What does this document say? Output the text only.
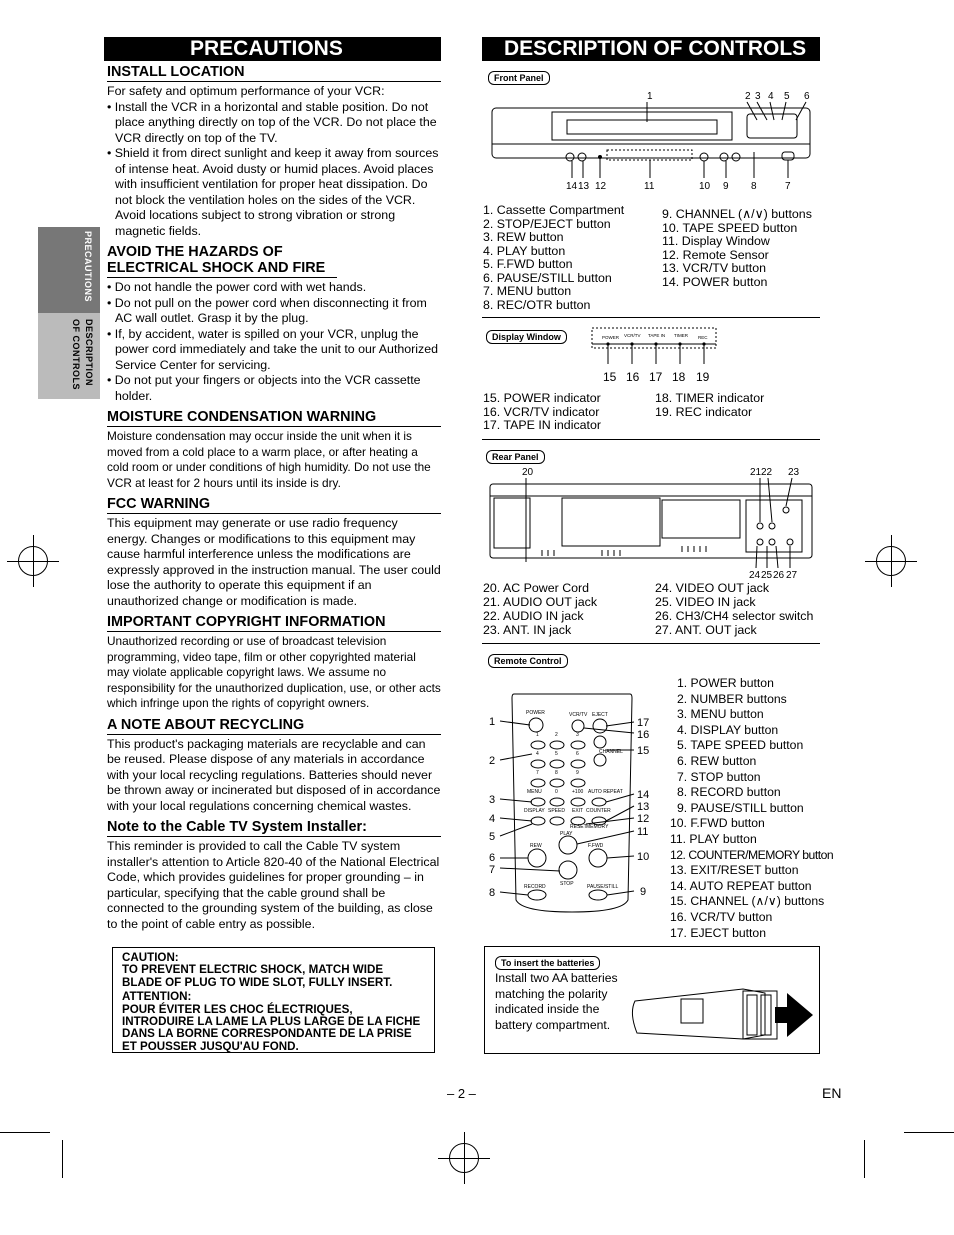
PRECAUTIONS
DESCRIPTION
OF CONTROLS
PRECAUTIONS	DESCRIPTION OF CONTROLS
INSTALL LOCATION
For safety and optimum performance of your VCR:
• Install the VCR in a horizontal and stable position. Do not place anything directly on top of the VCR. Do not place the VCR directly on top of the TV.
• Shield it from direct sunlight and keep it away from sources of intense heat. Avoid dusty or humid places. Avoid places with insufficient ventilation for proper heat dissipation. Do not block the ventilation holes on the sides of the VCR. Avoid locations subject to strong vibration or strong magnetic fields.
AVOID THE HAZARDS OF ELECTRICAL SHOCK AND FIRE
• Do not handle the power cord with wet hands.
• Do not pull on the power cord when disconnecting it from AC wall outlet. Grasp it by the plug.
• If, by accident, water is spilled on your VCR, unplug the power cord immediately and take the unit to our Authorized Service Center for servicing.
• Do not put your fingers or objects into the VCR cassette holder.
MOISTURE CONDENSATION WARNING
Moisture condensation may occur inside the unit when it is moved from a cold place to a warm place, or after heating a cold room or under conditions of high humidity. Do not use the VCR at least for 2 hours until its inside is dry.
FCC WARNING
This equipment may generate or use radio frequency energy. Changes or modifications to this equipment may cause harmful interference unless the modifications are expressly approved in the instruction manual. The user could lose the authority to operate this equipment if an unauthorized change or modification is made.
IMPORTANT COPYRIGHT INFORMATION
Unauthorized recording or use of broadcast television programming, video tape, film or other copyrighted material may violate applicable copyright laws. We assume no responsibility for the unauthorized duplication, use, or other acts which infringe upon the rights of copyright owners.
A NOTE ABOUT RECYCLING
This product's packaging materials are recyclable and can be reused. Please dispose of any materials in accordance with your local recycling regulations. Batteries should never be thrown away or incinerated but disposed of in accordance with your local regulations concerning chemical wastes.
Note to the Cable TV System Installer:
This reminder is provided to call the Cable TV system installer's attention to Article 820-40 of the National Electrical Code, which provides guidelines for proper grounding – in particular, specifying that the cable ground shall be connected to the grounding system of the building, as close to the point of cable entry as possible.
CAUTION:
TO PREVENT ELECTRIC SHOCK, MATCH WIDE BLADE OF PLUG TO WIDE SLOT, FULLY INSERT.
ATTENTION:
POUR ÉVITER LES CHOC ÉLECTRIQUES, INTRODUIRE LA LAME LA PLUS LARGE DE LA FICHE DANS LA BORNE CORRESPONDANTE DE LA PRISE ET POUSSER JUSQU'AU FOND.
Front Panel
1	2 3 4 5 6
14 13 12	11	10 9 8	7
1. Cassette Compartment
2. STOP/EJECT button
3. REW button
4. PLAY button
5. F.FWD button
6. PAUSE/STILL button
7. MENU button
8. REC/OTR button
9. CHANNEL (∧/∨) buttons
10. TAPE SPEED button
11. Display Window
12. Remote Sensor
13. VCR/TV button
14. POWER button
Display Window	POWER VCR/TV TAPE IN TIMER REC
15 16 17 18 19
15. POWER indicator
16. VCR/TV indicator
17. TAPE IN indicator
18. TIMER indicator
19. REC indicator
Rear Panel
20	21 22 23
24 25 26 27
20. AC Power Cord
21. AUDIO OUT jack
22. AUDIO IN jack
23. ANT. IN jack
24. VIDEO OUT jack
25. VIDEO IN jack
26. CH3/CH4 selector switch
27. ANT. OUT jack
Remote Control
POWER	VCR/TV EJECT
1	2	3
4	5	6
7	8	9
MENU	0	+100 AUTO REPEAT
DISPLAY SPEED EXIT COUNTER
RESET MEMORY
PLAY
REW	F.FWD
STOP
RECORD	PAUSE/STILL
CHANNEL
1
2
3
4
5
6
7
8
17
16
15
14
13
12
11
10
9
1. POWER button
2. NUMBER buttons
3. MENU button
4. DISPLAY button
5. TAPE SPEED button
6. REW button
7. STOP button
8. RECORD button
9. PAUSE/STILL button
10. F.FWD button
11. PLAY button
12. COUNTER/MEMORY button
13. EXIT/RESET button
14. AUTO REPEAT button
15. CHANNEL (∧/∨) buttons
16. VCR/TV button
17. EJECT button
To insert the batteries
Install two AA batteries matching the polarity indicated inside the battery compartment.
– 2 –	EN
